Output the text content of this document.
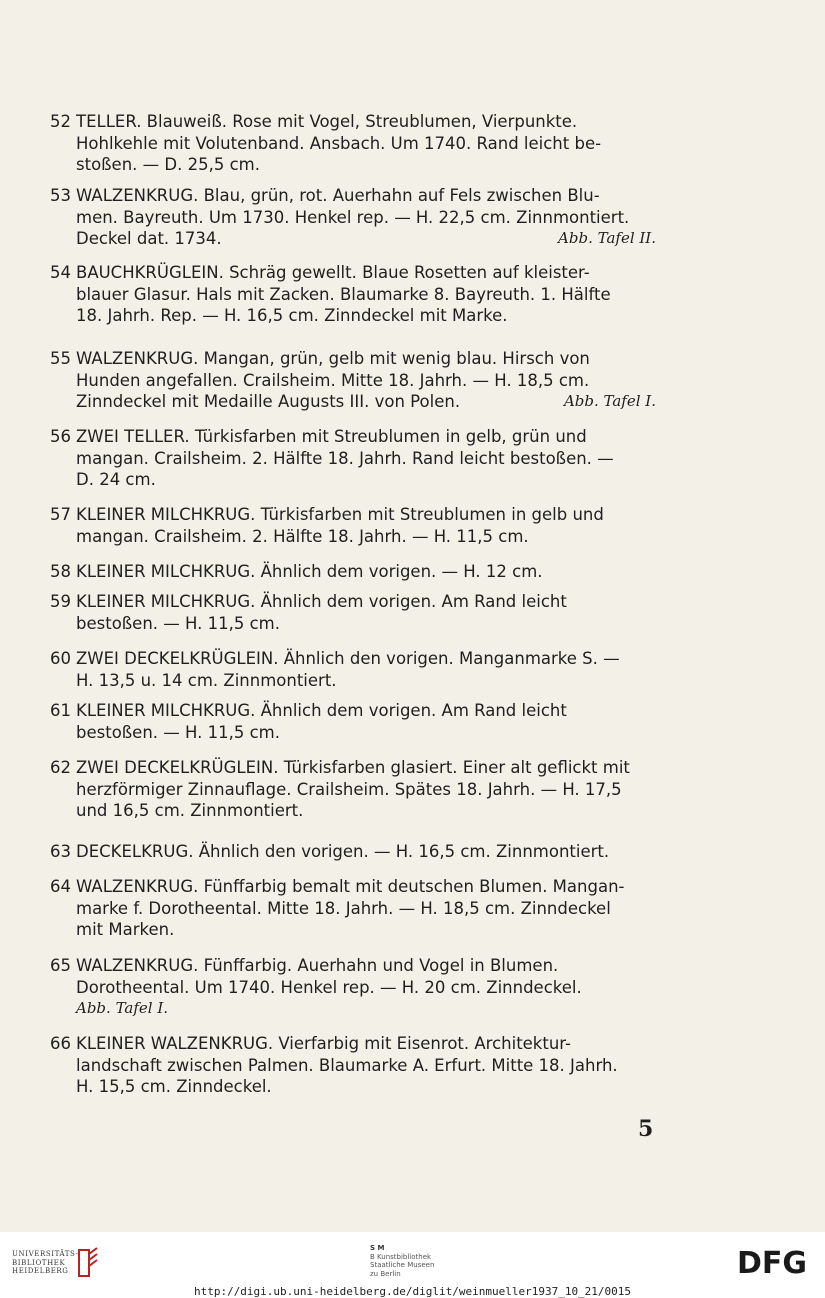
52 TELLER. Blauweiß. Rose mit Vogel, Streublumen, Vierpunkte.
Hohlkehle mit Volutenband. Ansbach. Um 1740. Rand leicht be-
stoßen. — D. 25,5 cm.
53 WALZENKRUG. Blau, grün, rot. Auerhahn auf Fels zwischen Blu-
men. Bayreuth. Um 1730. Henkel rep. — H. 22,5 cm. Zinnmontiert.
Deckel dat. 1734.	Abb. Tafel II.
54 BAUCHKRÜGLEIN. Schräg gewellt. Blaue Rosetten auf kleister-
blauer Glasur. Hals mit Zacken. Blaumarke 8. Bayreuth. 1. Hälfte
18. Jahrh. Rep. — H. 16,5 cm. Zinndeckel mit Marke.
55 WALZENKRUG. Mangan, grün, gelb mit wenig blau. Hirsch von
Hunden angefallen. Crailsheim. Mitte 18. Jahrh. — H. 18,5 cm.
Zinndeckel mit Medaille Augusts III. von Polen.	Abb. Tafel I.
56 ZWEI TELLER. Türkisfarben mit Streublumen in gelb, grün und
mangan. Crailsheim. 2. Hälfte 18. Jahrh. Rand leicht bestoßen. —
D. 24 cm.
57 KLEINER MILCHKRUG. Türkisfarben mit Streublumen in gelb und
mangan. Crailsheim. 2. Hälfte 18. Jahrh. — H. 11,5 cm.
58 KLEINER MILCHKRUG. Ähnlich dem vorigen. — H. 12 cm.
59 KLEINER MILCHKRUG. Ähnlich dem vorigen. Am Rand leicht
bestoßen. — H. 11,5 cm.
60 ZWEI DECKELKRÜGLEIN. Ähnlich den vorigen. Manganmarke S. —
H. 13,5 u. 14 cm. Zinnmontiert.
61 KLEINER MILCHKRUG. Ähnlich dem vorigen. Am Rand leicht
bestoßen. — H. 11,5 cm.
62 ZWEI DECKELKRÜGLEIN. Türkisfarben glasiert. Einer alt geflickt mit
herzförmiger Zinnauflage. Crailsheim. Spätes 18. Jahrh. — H. 17,5
und 16,5 cm. Zinnmontiert.
63 DECKELKRUG. Ähnlich den vorigen. — H. 16,5 cm. Zinnmontiert.
64 WALZENKRUG. Fünffarbig bemalt mit deutschen Blumen. Mangan-
marke f. Dorotheental. Mitte 18. Jahrh. — H. 18,5 cm. Zinndeckel
mit Marken.
65 WALZENKRUG. Fünffarbig. Auerhahn und Vogel in Blumen.
Dorotheental. Um 1740. Henkel rep. — H. 20 cm. Zinndeckel.
Abb. Tafel I.
66 KLEINER WALZENKRUG. Vierfarbig mit Eisenrot. Architektur-
landschaft zwischen Palmen. Blaumarke A. Erfurt. Mitte 18. Jahrh.
H. 15,5 cm. Zinndeckel.
5
UNIVERSITÄTS-
BIBLIOTHEK
HEIDELBERG
S M
B Kunstbibliothek
Staatliche Museen
zu Berlin
http://digi.ub.uni-heidelberg.de/diglit/weinmueller1937_10_21/0015
DFG
